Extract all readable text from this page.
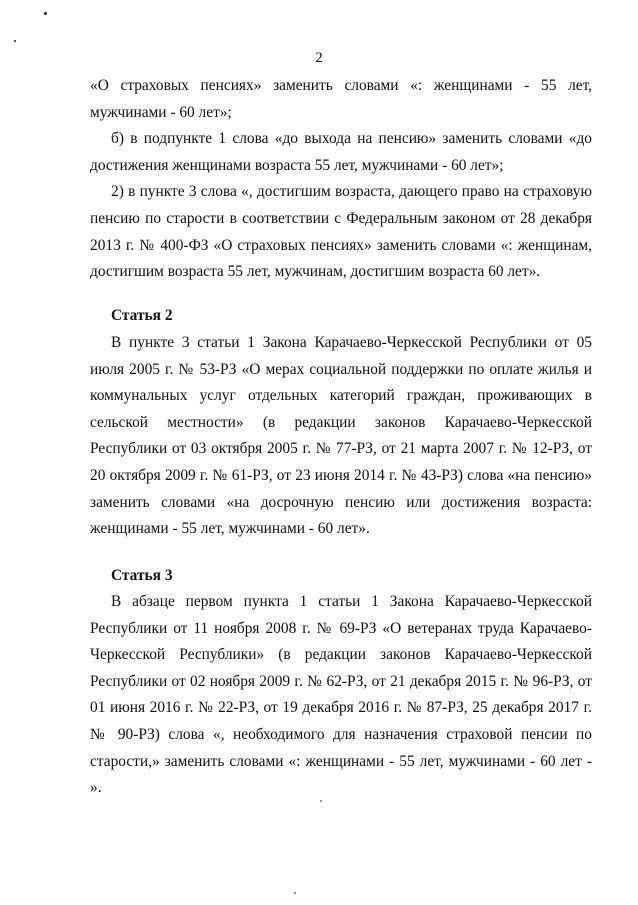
2

«О страховых пенсиях» заменить словами «: женщинами - 55 лет, мужчинами - 60 лет»;

б) в подпункте 1 слова «до выхода на пенсию» заменить словами «до достижения женщинами возраста 55 лет, мужчинами - 60 лет»;

2) в пункте 3 слова «, достигшим возраста, дающего право на страховую пенсию по старости в соответствии с Федеральным законом от 28 декабря 2013 г. № 400-ФЗ «О страховых пенсиях» заменить словами «: женщинам, достигшим возраста 55 лет, мужчинам, достигшим возраста 60 лет».

Статья 2

В пункте 3 статьи 1 Закона Карачаево-Черкесской Республики от 05 июля 2005 г. № 53-РЗ «О мерах социальной поддержки по оплате жилья и коммунальных услуг отдельных категорий граждан, проживающих в сельской местности» (в редакции законов Карачаево-Черкесской Республики от 03 октября 2005 г. № 77-РЗ, от 21 марта 2007 г. № 12-РЗ, от 20 октября 2009 г. № 61-РЗ, от 23 июня 2014 г. № 43-РЗ) слова «на пенсию» заменить словами «на досрочную пенсию или достижения возраста: женщинами - 55 лет, мужчинами - 60 лет».

Статья 3

В абзаце первом пункта 1 статьи 1 Закона Карачаево-Черкесской Республики от 11 ноября 2008 г. № 69-РЗ «О ветеранах труда Карачаево-Черкесской Республики» (в редакции законов Карачаево-Черкесской Республики от 02 ноября 2009 г. № 62-РЗ, от 21 декабря 2015 г. № 96-РЗ, от 01 июня 2016 г. № 22-РЗ, от 19 декабря 2016 г. № 87-РЗ, 25 декабря 2017 г. № 90-РЗ) слова «, необходимого для назначения страховой пенсии по старости,» заменить словами «: женщинами - 55 лет, мужчинами - 60 лет - ».
